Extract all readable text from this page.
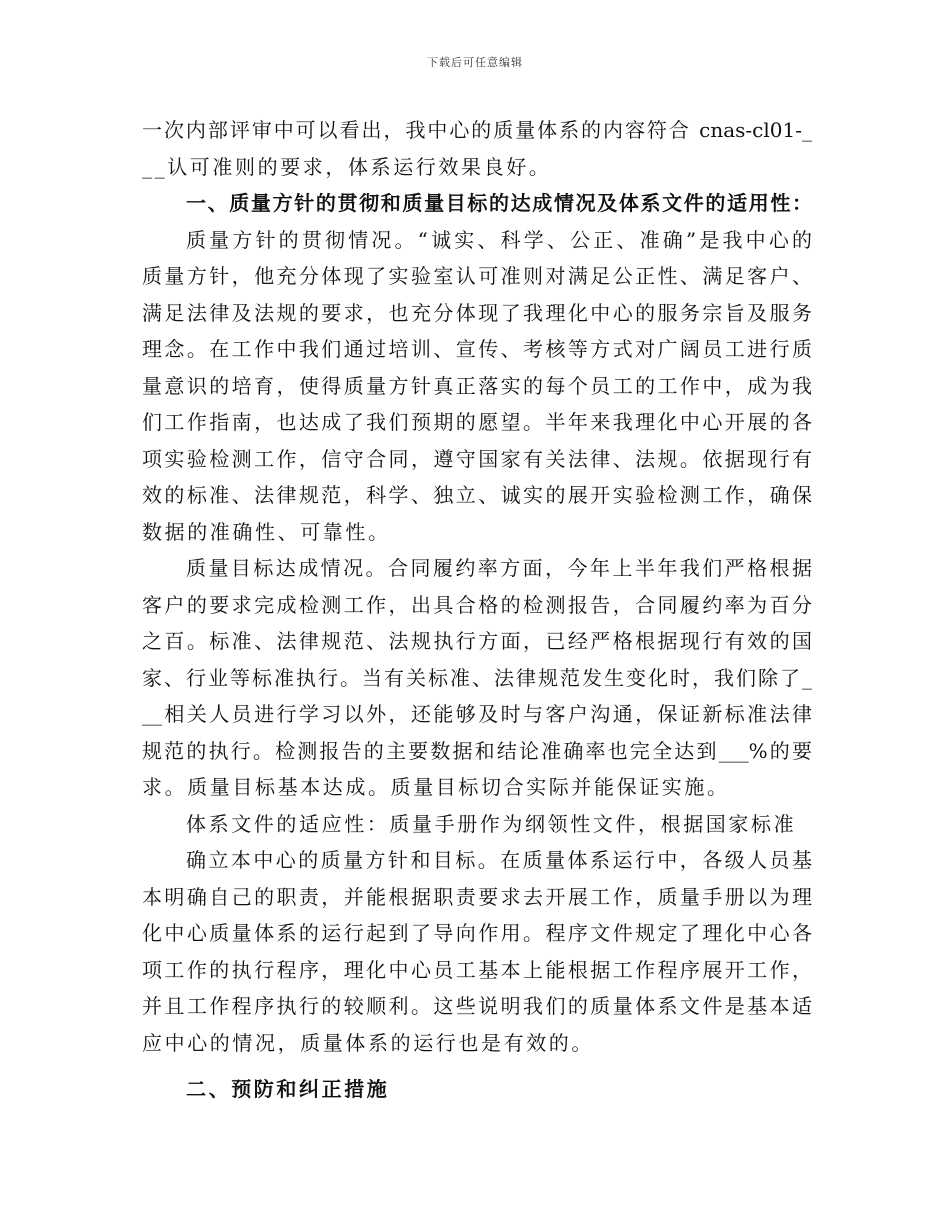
下载后可任意编辑
一次内部评审中可以看出，我中心的质量体系的内容符合 cnas-cl01-_
__认可准则的要求，体系运行效果良好。
一、质量方针的贯彻和质量目标的达成情况及体系文件的适用性：
质量方针的贯彻情况。“诚实、科学、公正、准确”是我中心的
质量方针，他充分体现了实验室认可准则对满足公正性、满足客户、
满足法律及法规的要求，也充分体现了我理化中心的服务宗旨及服务
理念。在工作中我们通过培训、宣传、考核等方式对广阔员工进行质
量意识的培育，使得质量方针真正落实的每个员工的工作中，成为我
们工作指南，也达成了我们预期的愿望。半年来我理化中心开展的各
项实验检测工作，信守合同，遵守国家有关法律、法规。依据现行有
效的标准、法律规范，科学、独立、诚实的展开实验检测工作，确保
数据的准确性、可靠性。
质量目标达成情况。合同履约率方面，今年上半年我们严格根据
客户的要求完成检测工作，出具合格的检测报告，合同履约率为百分
之百。标准、法律规范、法规执行方面，已经严格根据现行有效的国
家、行业等标准执行。当有关标准、法律规范发生变化时，我们除了_
__相关人员进行学习以外，还能够及时与客户沟通，保证新标准法律
规范的执行。检测报告的主要数据和结论准确率也完全达到___%的要
求。质量目标基本达成。质量目标切合实际并能保证实施。
体系文件的适应性：质量手册作为纲领性文件，根据国家标准
确立本中心的质量方针和目标。在质量体系运行中，各级人员基
本明确自己的职责，并能根据职责要求去开展工作，质量手册以为理
化中心质量体系的运行起到了导向作用。程序文件规定了理化中心各
项工作的执行程序，理化中心员工基本上能根据工作程序展开工作，
并且工作程序执行的较顺利。这些说明我们的质量体系文件是基本适
应中心的情况，质量体系的运行也是有效的。
二、预防和纠正措施
